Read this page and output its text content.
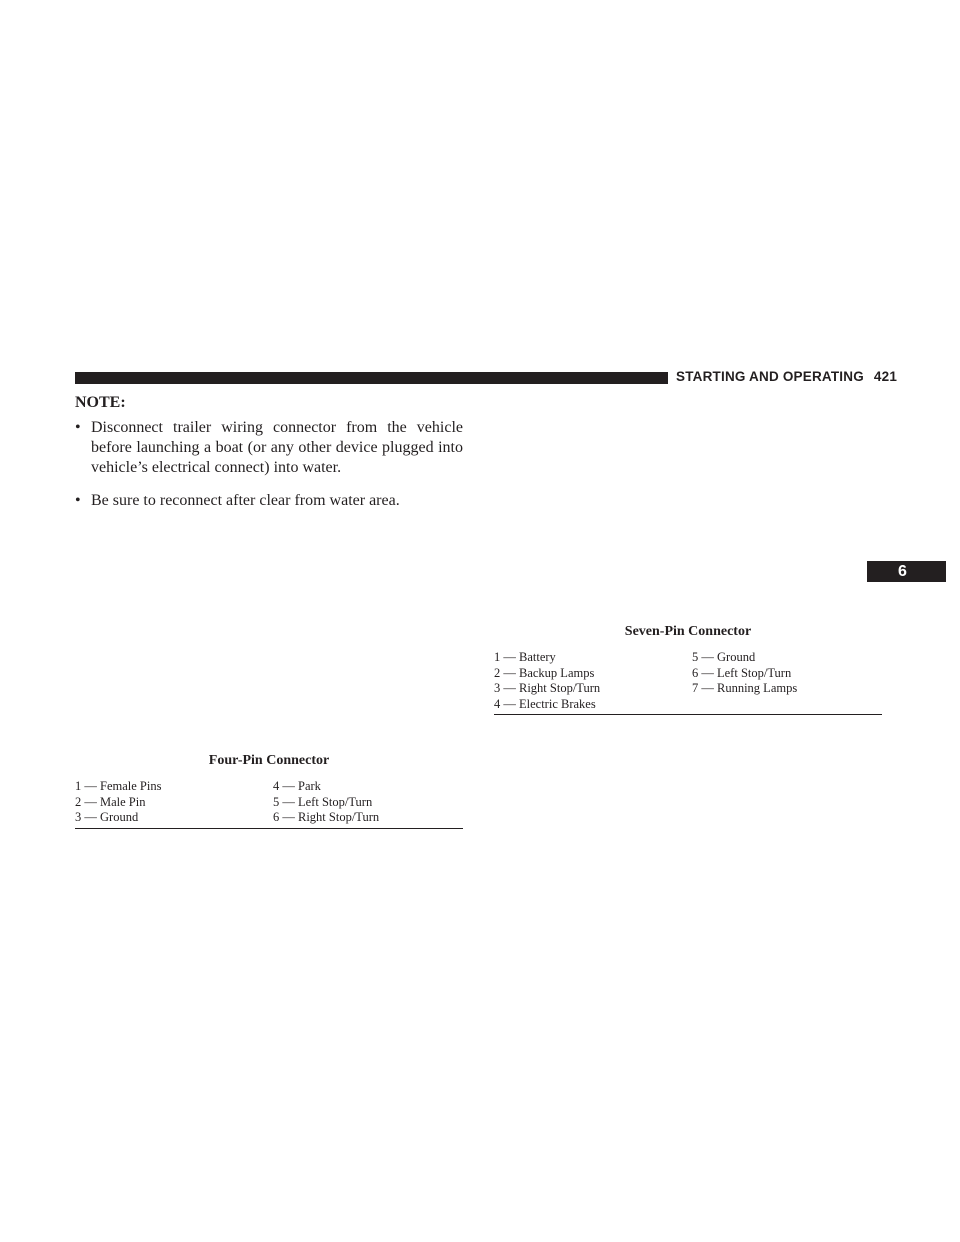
STARTING AND OPERATING 421
NOTE:
• Disconnect trailer wiring connector from the vehicle before launching a boat (or any other device plugged into vehicle’s electrical connect) into water.
• Be sure to reconnect after clear from water area.
Seven-Pin Connector
1 — Battery	5 — Ground
2 — Backup Lamps	6 — Left Stop/Turn
3 — Right Stop/Turn	7 — Running Lamps
4 — Electric Brakes
Four-Pin Connector
1 — Female Pins	4 — Park
2 — Male Pin	5 — Left Stop/Turn
3 — Ground	6 — Right Stop/Turn
6
